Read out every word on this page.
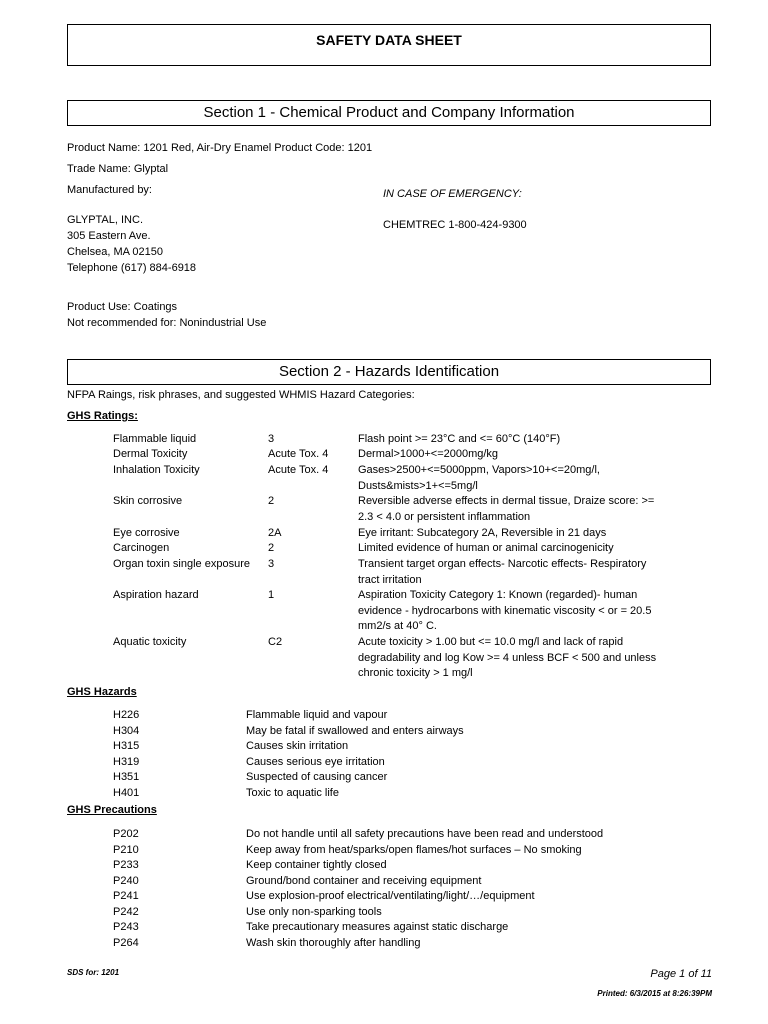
SAFETY DATA SHEET
Section 1 - Chemical Product and Company Information
Product Name: 1201 Red, Air-Dry Enamel Product Code: 1201
Trade Name: Glyptal
Manufactured by:	IN CASE OF EMERGENCY:
CHEMTREC 1-800-424-9300
GLYPTAL, INC.
305 Eastern Ave.
Chelsea, MA 02150
Telephone (617) 884-6918
Product Use: Coatings
Not recommended for: Nonindustrial Use
Section 2 - Hazards Identification
NFPA Raings, risk phrases, and suggested WHMIS Hazard Categories:
GHS Ratings:
Flammable liquid	3	Flash point >= 23°C and <= 60°C (140°F)
Dermal Toxicity	Acute Tox. 4	Dermal>1000+<=2000mg/kg
Inhalation Toxicity	Acute Tox. 4	Gases>2500+<=5000ppm, Vapors>10+<=20mg/l, Dusts&mists>1+<=5mg/l
Skin corrosive	2	Reversible adverse effects in dermal tissue, Draize score: >= 2.3 < 4.0 or persistent inflammation
Eye corrosive	2A	Eye irritant: Subcategory 2A, Reversible in 21 days
Carcinogen	2	Limited evidence of human or animal carcinogenicity
Organ toxin single exposure 3	Transient target organ effects- Narcotic effects- Respiratory tract irritation
Aspiration hazard	1	Aspiration Toxicity Category 1: Known (regarded)- human evidence - hydrocarbons with kinematic viscosity < or = 20.5 mm2/s at 40° C.
Aquatic toxicity	C2	Acute toxicity > 1.00 but <= 10.0 mg/l and lack of rapid degradability and log Kow >= 4 unless BCF < 500 and unless chronic toxicity > 1 mg/l
GHS Hazards
H226	Flammable liquid and vapour
H304	May be fatal if swallowed and enters airways
H315	Causes skin irritation
H319	Causes serious eye irritation
H351	Suspected of causing cancer
H401	Toxic to aquatic life
GHS Precautions
P202	Do not handle until all safety precautions have been read and understood
P210	Keep away from heat/sparks/open flames/hot surfaces – No smoking
P233	Keep container tightly closed
P240	Ground/bond container and receiving equipment
P241	Use explosion-proof electrical/ventilating/light/…/equipment
P242	Use only non-sparking tools
P243	Take precautionary measures against static discharge
P264	Wash skin thoroughly after handling
SDS for: 1201	Page 1 of 11
Printed: 6/3/2015 at 8:26:39PM
